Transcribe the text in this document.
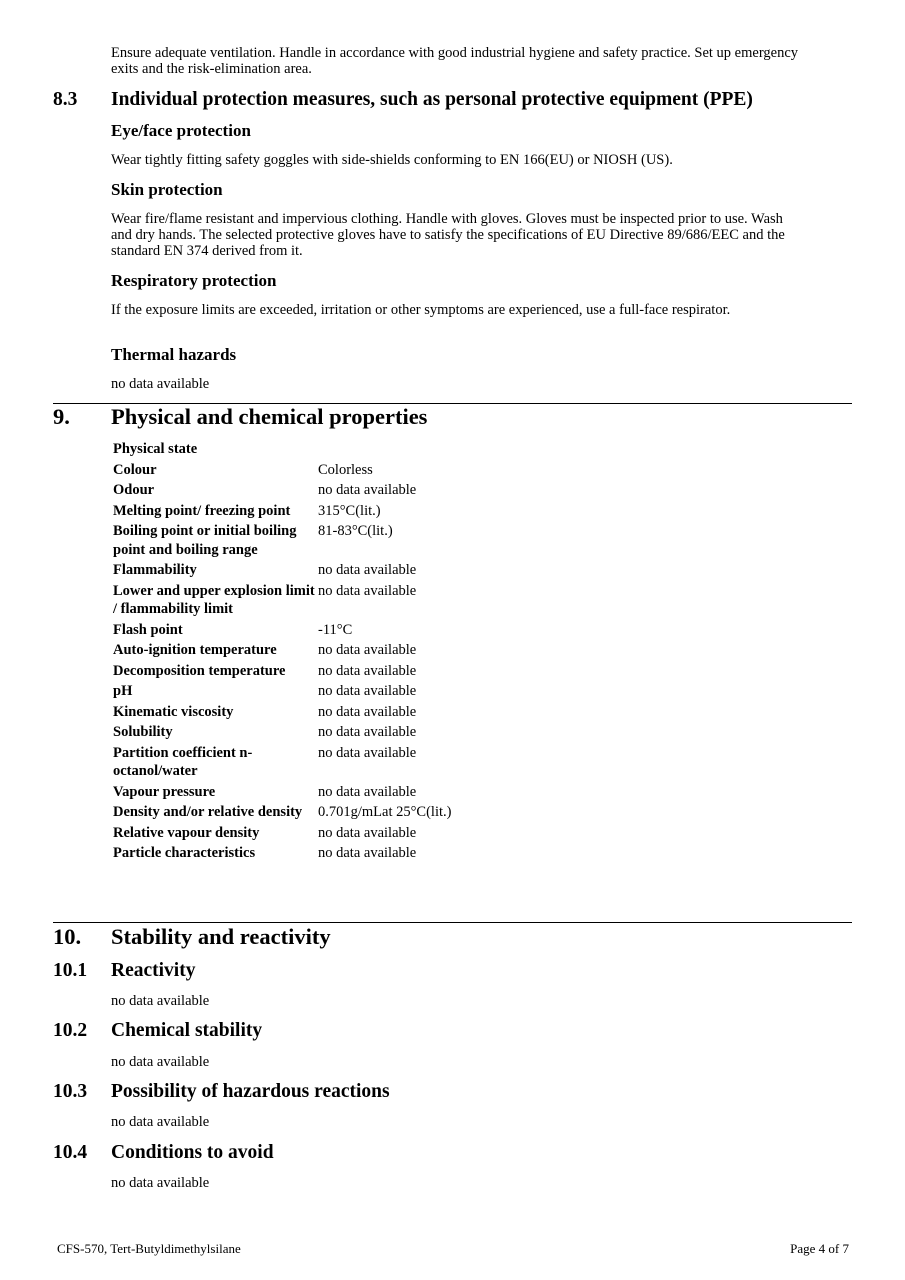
Ensure adequate ventilation. Handle in accordance with good industrial hygiene and safety practice. Set up emergency exits and the risk-elimination area.
8.3 Individual protection measures, such as personal protective equipment (PPE)
Eye/face protection
Wear tightly fitting safety goggles with side-shields conforming to EN 166(EU) or NIOSH (US).
Skin protection
Wear fire/flame resistant and impervious clothing. Handle with gloves. Gloves must be inspected prior to use. Wash and dry hands. The selected protective gloves have to satisfy the specifications of EU Directive 89/686/EEC and the standard EN 374 derived from it.
Respiratory protection
If the exposure limits are exceeded, irritation or other symptoms are experienced, use a full-face respirator.
Thermal hazards
no data available
9. Physical and chemical properties
Physical state	
Colour	Colorless
Odour	no data available
Melting point/ freezing point	315°C(lit.)
Boiling point or initial boiling point and boiling range	81-83°C(lit.)
Flammability	no data available
Lower and upper explosion limit / flammability limit	no data available
Flash point	-11°C
Auto-ignition temperature	no data available
Decomposition temperature	no data available
pH	no data available
Kinematic viscosity	no data available
Solubility	no data available
Partition coefficient n-octanol/water	no data available
Vapour pressure	no data available
Density and/or relative density	0.701g/mLat 25°C(lit.)
Relative vapour density	no data available
Particle characteristics	no data available
10. Stability and reactivity
10.1 Reactivity
no data available
10.2 Chemical stability
no data available
10.3 Possibility of hazardous reactions
no data available
10.4 Conditions to avoid
no data available
CFS-570, Tert-Butyldimethylsilane	Page 4 of 7
